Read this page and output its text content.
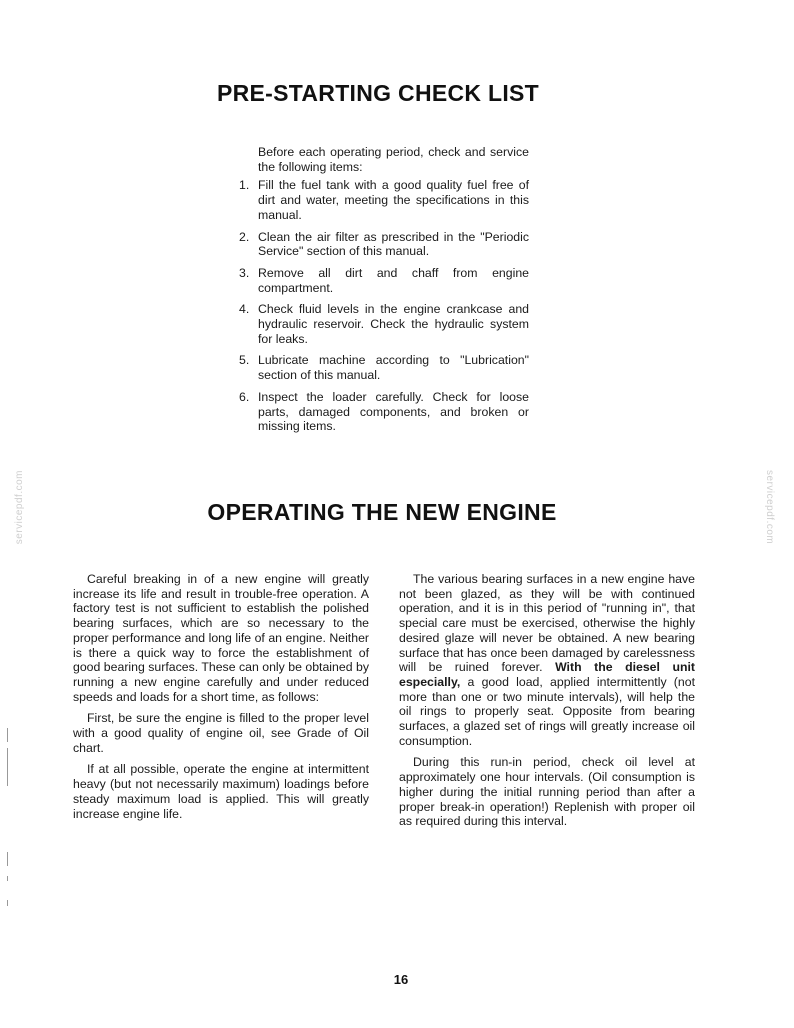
PRE-STARTING CHECK LIST

Before each operating period, check and service the following items:

1. Fill the fuel tank with a good quality fuel free of dirt and water, meeting the specifications in this manual.
2. Clean the air filter as prescribed in the "Periodic Service" section of this manual.
3. Remove all dirt and chaff from engine compartment.
4. Check fluid levels in the engine crankcase and hydraulic reservoir. Check the hydraulic system for leaks.
5. Lubricate machine according to "Lubrication" section of this manual.
6. Inspect the loader carefully. Check for loose parts, damaged components, and broken or missing items.
OPERATING THE NEW ENGINE

Careful breaking in of a new engine will greatly increase its life and result in trouble-free operation. A factory test is not sufficient to establish the polished bearing surfaces, which are so necessary to the proper performance and long life of an engine. Neither is there a quick way to force the establishment of good bearing surfaces. These can only be obtained by running a new engine carefully and under reduced speeds and loads for a short time, as follows:

First, be sure the engine is filled to the proper level with a good quality of engine oil, see Grade of Oil chart.

If at all possible, operate the engine at intermittent heavy (but not necessarily maximum) loadings before steady maximum load is applied. This will greatly increase engine life.

The various bearing surfaces in a new engine have not been glazed, as they will be with continued operation, and it is in this period of "running in", that special care must be exercised, otherwise the highly desired glaze will never be obtained. A new bearing surface that has once been damaged by carelessness will be ruined forever. With the diesel unit especially, a good load, applied intermittently (not more than one or two minute intervals), will help the oil rings to properly seat. Opposite from bearing surfaces, a glazed set of rings will greatly increase oil consumption.

During this run-in period, check oil level at approximately one hour intervals. (Oil consumption is higher during the initial running period than after a proper break-in operation!) Replenish with proper oil as required during this interval.

servicepdf.com	servicepdf.com
16
